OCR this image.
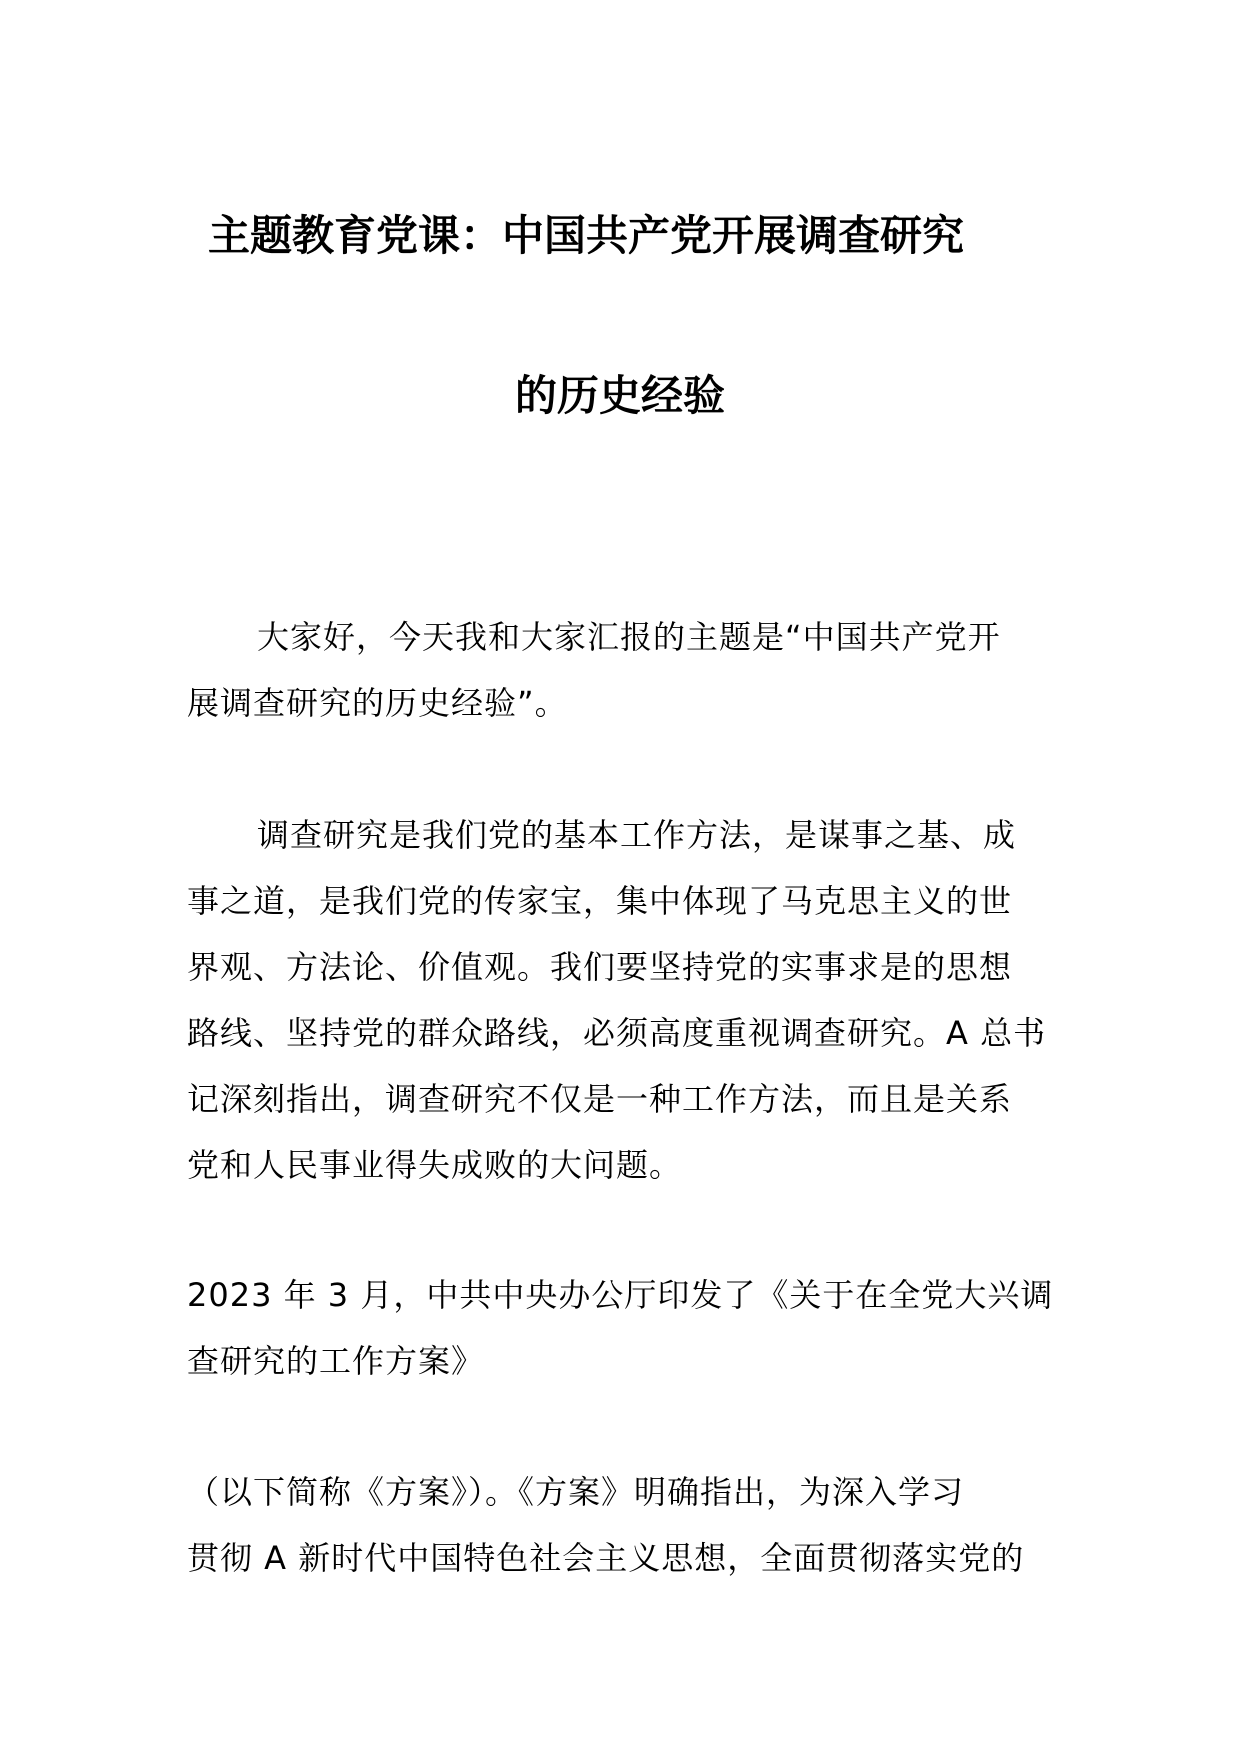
主题教育党课：中国共产党开展调查研究
的历史经验
大家好，今天我和大家汇报的主题是“中国共产党开
展调查研究的历史经验”。
调查研究是我们党的基本工作方法，是谋事之基、成
事之道，是我们党的传家宝，集中体现了马克思主义的世
界观、方法论、价值观。我们要坚持党的实事求是的思想
路线、坚持党的群众路线，必须高度重视调查研究。A 总书
记深刻指出，调查研究不仅是一种工作方法，而且是关系
党和人民事业得失成败的大问题。
2023 年 3 月，中共中央办公厅印发了《关于在全党大兴调
查研究的工作方案》
（以下简称《方案》）。《方案》明确指出，为深入学习
贯彻 A 新时代中国特色社会主义思想，全面贯彻落实党的
